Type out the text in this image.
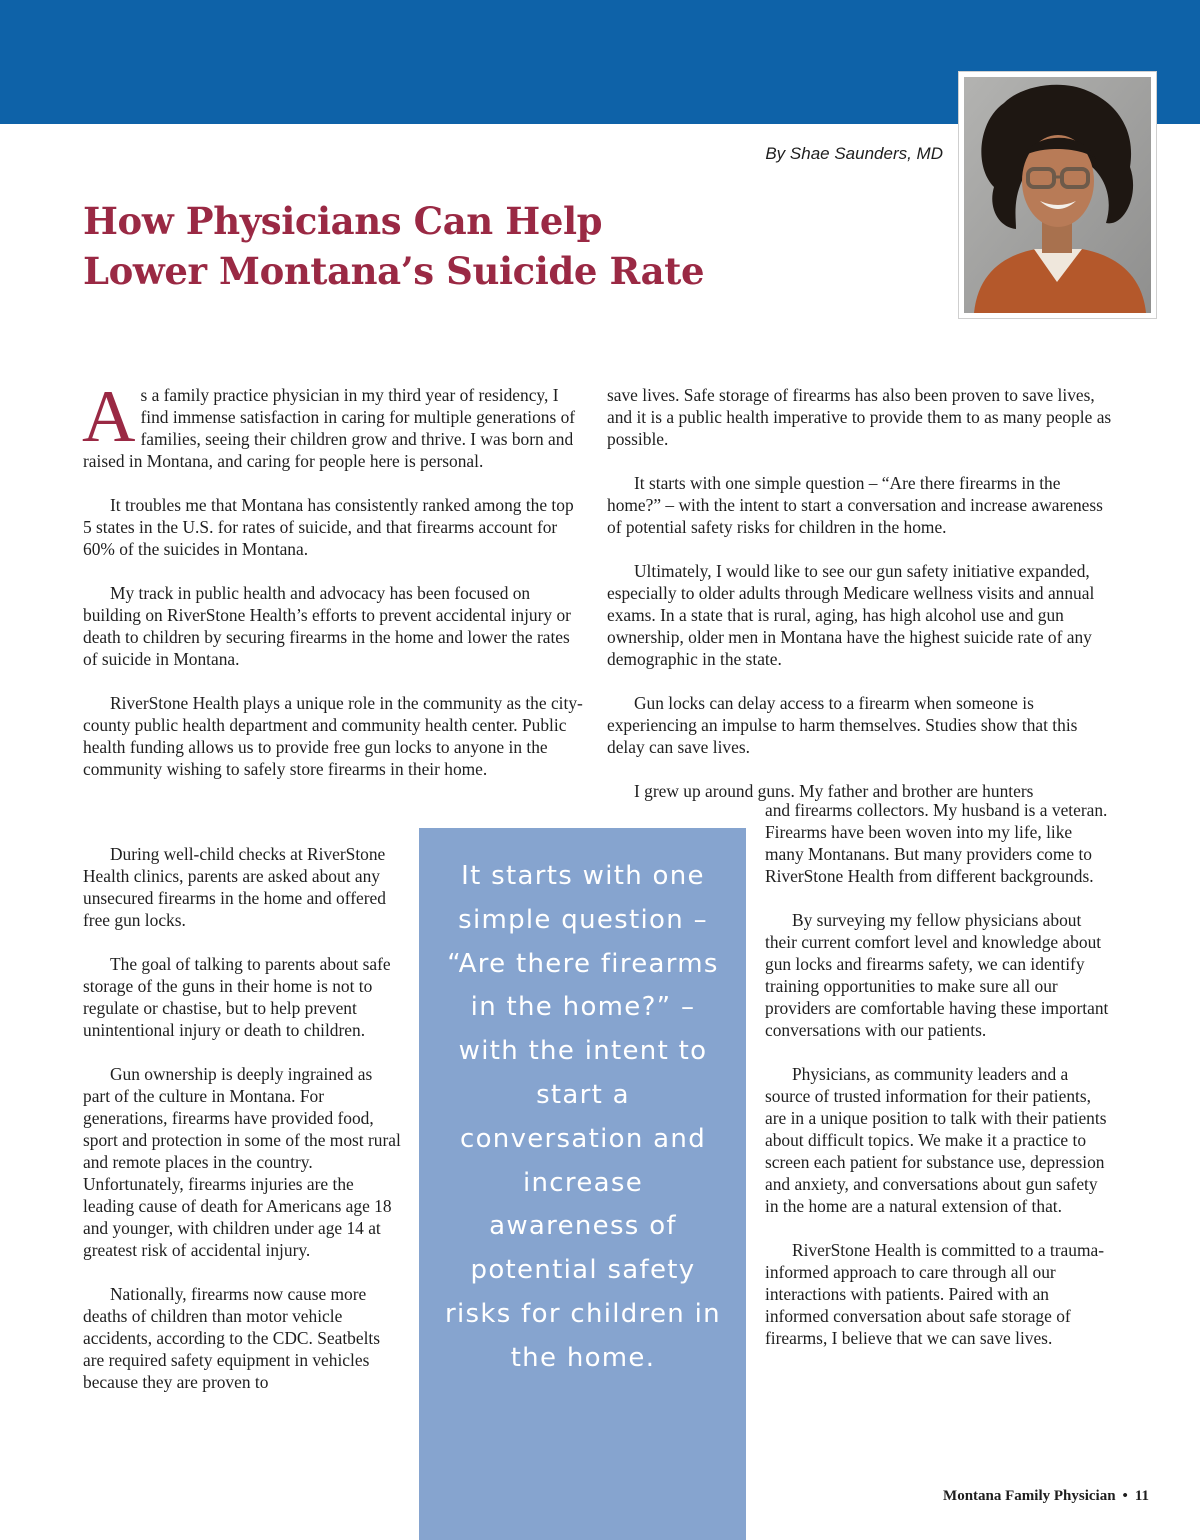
By Shae Saunders, MD
How Physicians Can Help
Lower Montana’s Suicide Rate

As a family practice physician in my third year of residency, I find immense satisfaction in caring for multiple generations of families, seeing their children grow and thrive. I was born and raised in Montana, and caring for people here is personal.

It troubles me that Montana has consistently ranked among the top 5 states in the U.S. for rates of suicide, and that firearms account for 60% of the suicides in Montana.

My track in public health and advocacy has been focused on building on RiverStone Health’s efforts to prevent accidental injury or death to children by securing firearms in the home and lower the rates of suicide in Montana.

RiverStone Health plays a unique role in the community as the city-county public health department and community health center. Public health funding allows us to provide free gun locks to anyone in the community wishing to safely store firearms in their home.

During well-child checks at RiverStone Health clinics, parents are asked about any unsecured firearms in the home and offered free gun locks.

The goal of talking to parents about safe storage of the guns in their home is not to regulate or chastise, but to help prevent unintentional injury or death to children.

Gun ownership is deeply ingrained as part of the culture in Montana. For generations, firearms have provided food, sport and protection in some of the most rural and remote places in the country. Unfortunately, firearms injuries are the leading cause of death for Americans age 18 and younger, with children under age 14 at greatest risk of accidental injury.

Nationally, firearms now cause more deaths of children than motor vehicle accidents, according to the CDC. Seatbelts are required safety equipment in vehicles because they are proven to

save lives. Safe storage of firearms has also been proven to save lives, and it is a public health imperative to provide them to as many people as possible.

It starts with one simple question – “Are there firearms in the home?” – with the intent to start a conversation and increase awareness of potential safety risks for children in the home.

Ultimately, I would like to see our gun safety initiative expanded, especially to older adults through Medicare wellness visits and annual exams. In a state that is rural, aging, has high alcohol use and gun ownership, older men in Montana have the highest suicide rate of any demographic in the state.

Gun locks can delay access to a firearm when someone is experiencing an impulse to harm themselves. Studies show that this delay can save lives.

I grew up around guns. My father and brother are hunters

and firearms collectors. My husband is a veteran. Firearms have been woven into my life, like many Montanans. But many providers come to RiverStone Health from different backgrounds.

By surveying my fellow physicians about their current comfort level and knowledge about gun locks and firearms safety, we can identify training opportunities to make sure all our providers are comfortable having these important conversations with our patients.

Physicians, as community leaders and a source of trusted information for their patients, are in a unique position to talk with their patients about difficult topics. We make it a practice to screen each patient for substance use, depression and anxiety, and conversations about gun safety in the home are a natural extension of that.

RiverStone Health is committed to a trauma-informed approach to care through all our interactions with patients. Paired with an informed conversation about safe storage of firearms, I believe that we can save lives.

It starts with one simple question – “Are there firearms in the home?” – with the intent to start a conversation and increase awareness of potential safety risks for children in the home.
Montana Family Physician • 11
